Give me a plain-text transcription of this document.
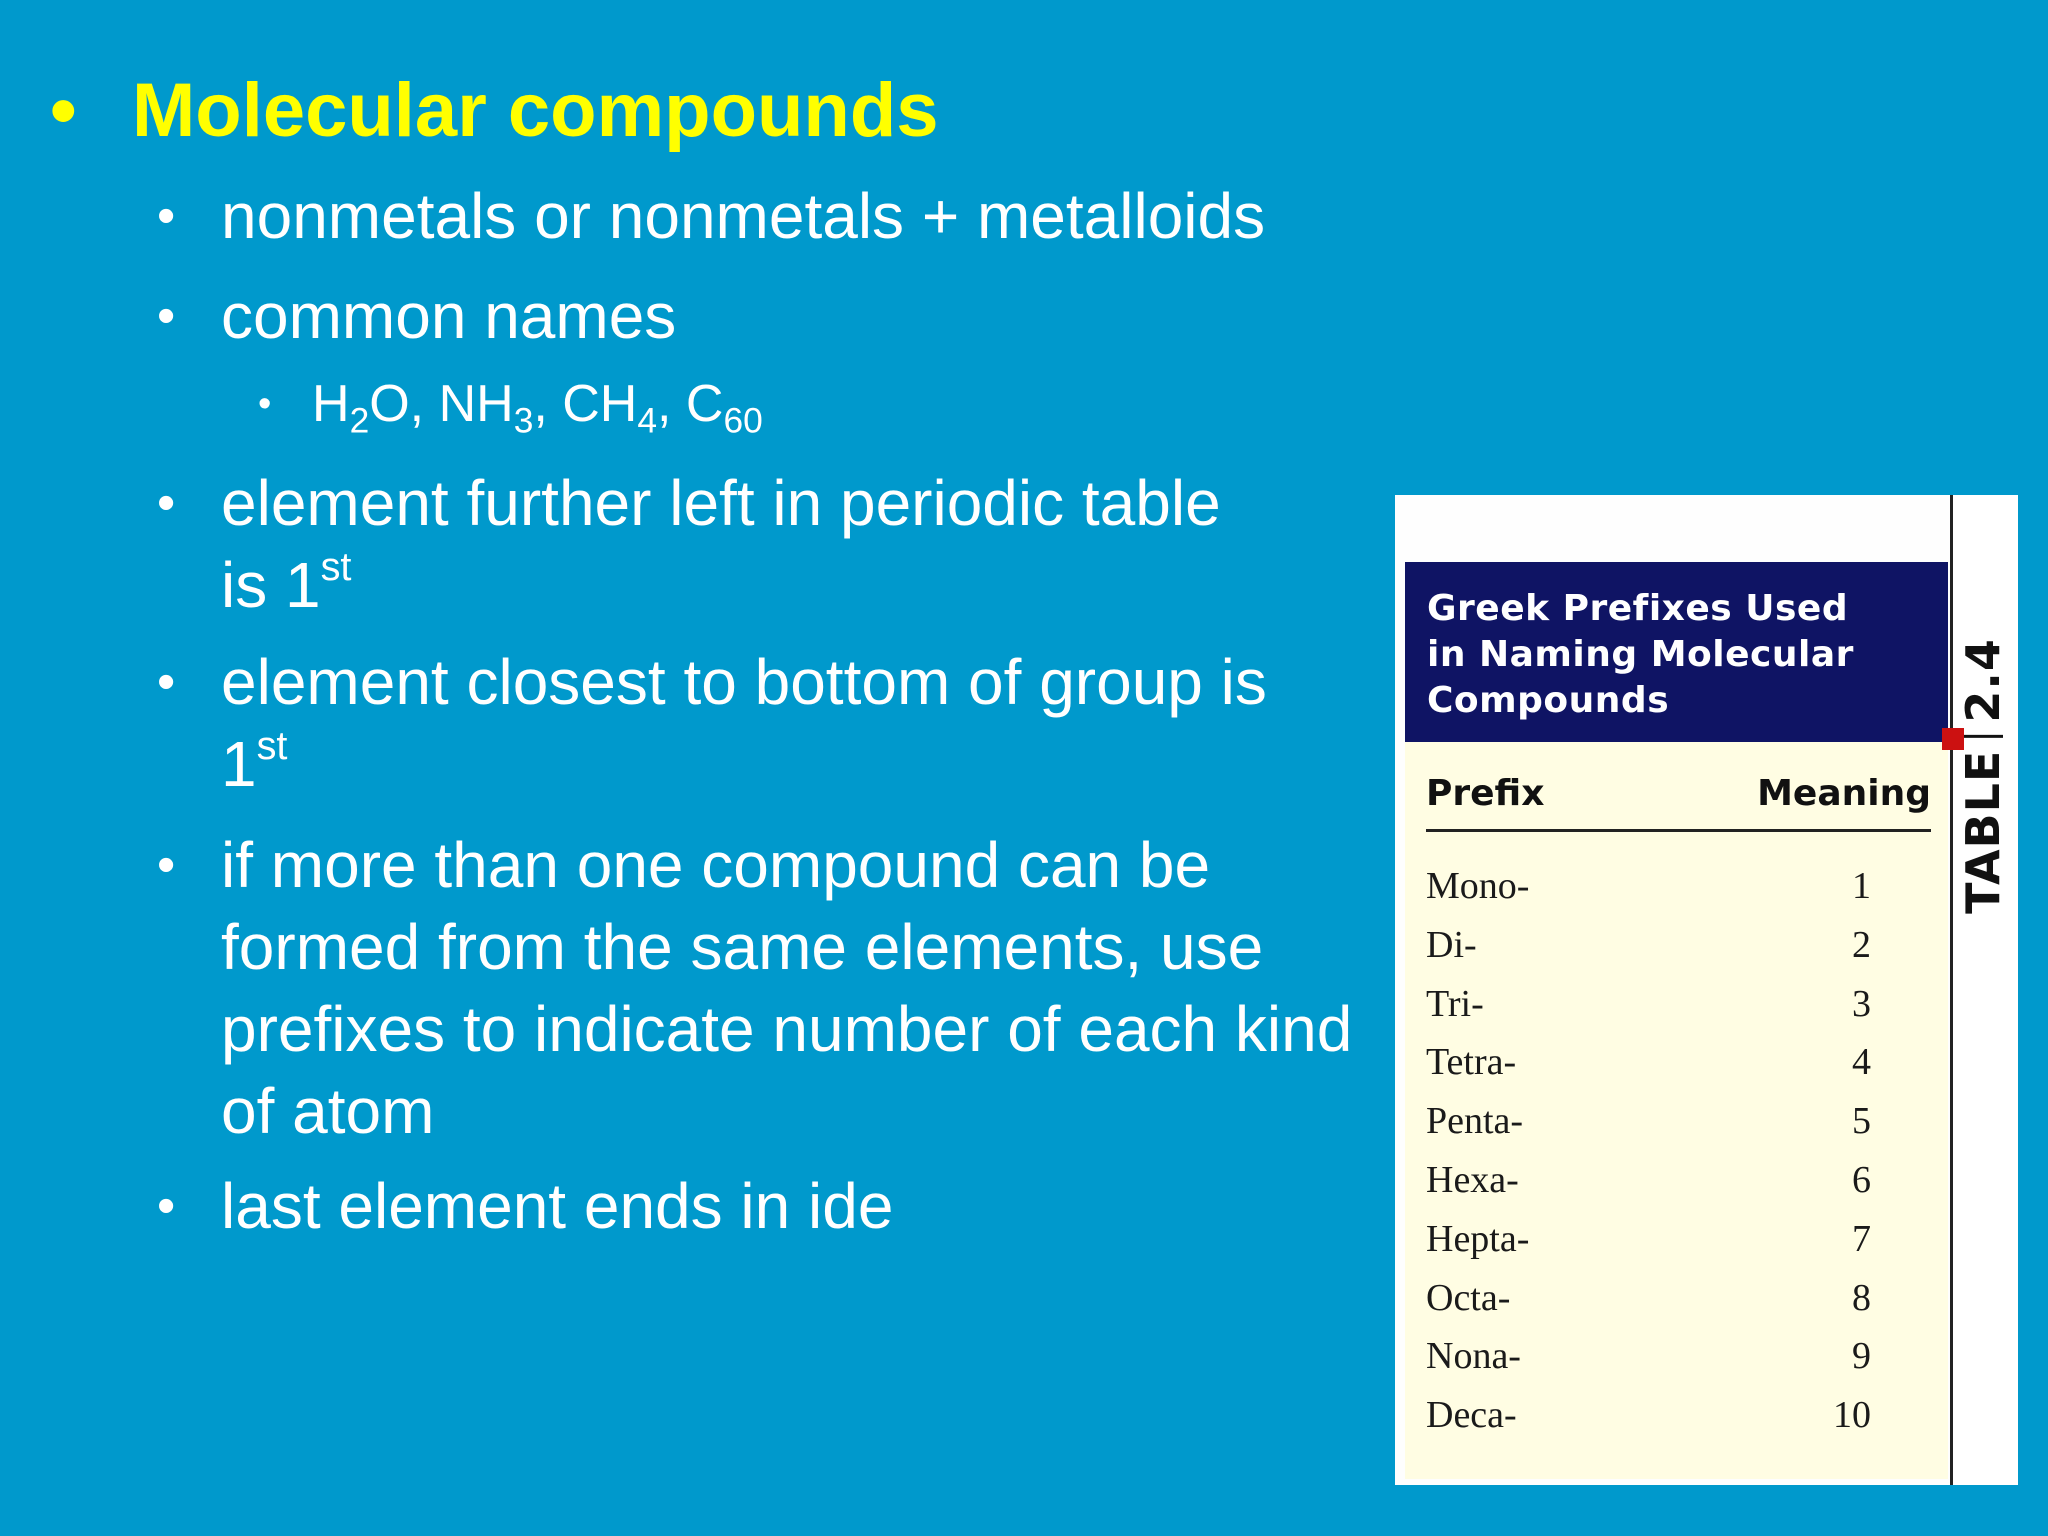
• Molecular compounds
• nonmetals or nonmetals + metalloids
• common names
• $H_2O$, $NH_3$, $CH_4$, $C_{60}$
• element further left in periodic table
is 1st
• element closest to bottom of group is
1st
• if more than one compound can be formed from the same elements, use prefixes to indicate number of each kind of atom
• last element ends in ide
Greek Prefixes Used
in Naming Molecular
Compounds
Prefix	Meaning
Mono-	1
Di-	2
Tri-	3
Tetra-	4
Penta-	5
Hexa-	6
Hepta-	7
Octa-	8
Nona-	9
Deca-	10
TABLE2.4
